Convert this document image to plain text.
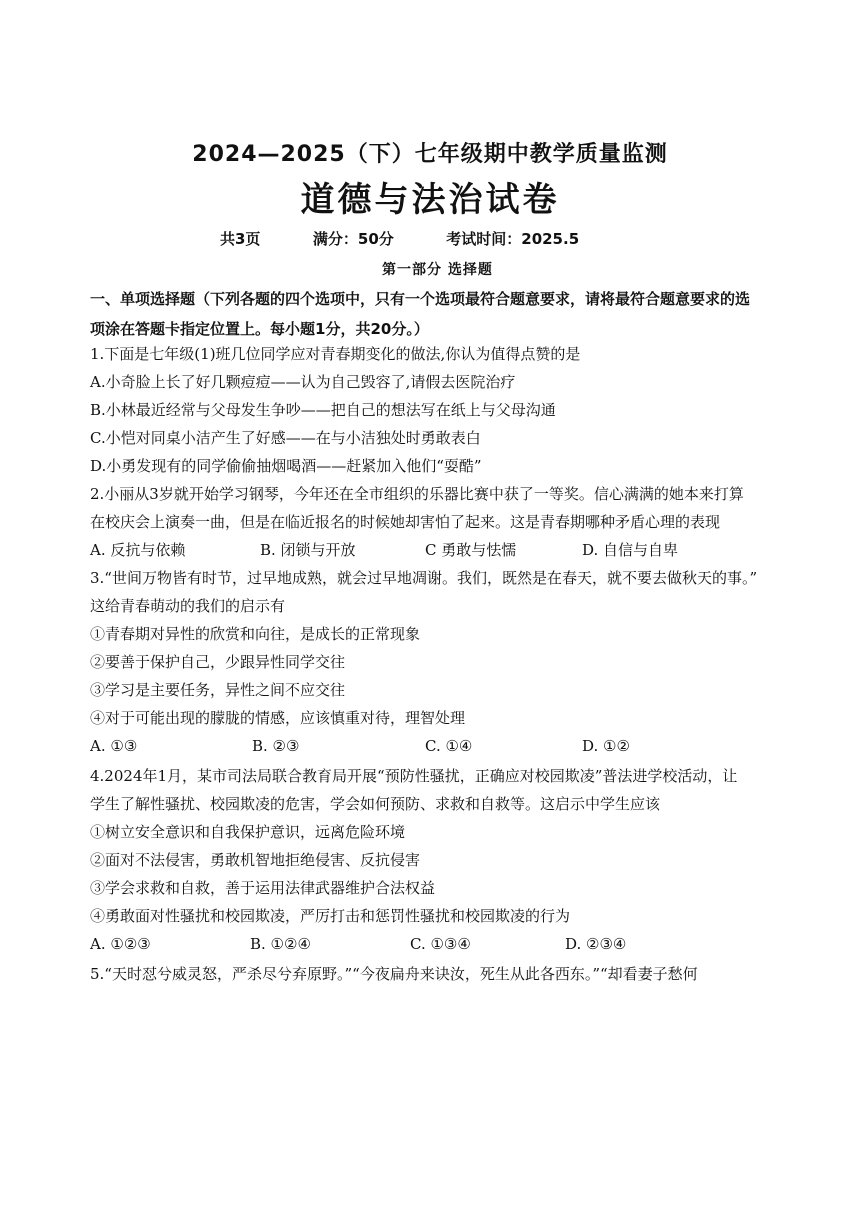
2024—2025（下）七年级期中教学质量监测
道德与法治试卷
共3页	满分：50分	考试时间：2025.5
第一部分 选择题
一、单项选择题（下列各题的四个选项中，只有一个选项最符合题意要求，请将最符合题意要求的选
项涂在答题卡指定位置上。每小题1分，共20分。）
1.下面是七年级(1)班几位同学应对青春期变化的做法,你认为值得点赞的是
A.小奇脸上长了好几颗痘痘——认为自己毁容了,请假去医院治疗
B.小林最近经常与父母发生争吵——把自己的想法写在纸上与父母沟通
C.小恺对同桌小洁产生了好感——在与小洁独处时勇敢表白
D.小勇发现有的同学偷偷抽烟喝酒——赶紧加入他们“耍酷”
2.小丽从3岁就开始学习钢琴，今年还在全市组织的乐器比赛中获了一等奖。信心满满的她本来打算
在校庆会上演奏一曲，但是在临近报名的时候她却害怕了起来。这是青春期哪种矛盾心理的表现
A. 反抗与依赖	B. 闭锁与开放	C 勇敢与怯懦	D. 自信与自卑
3.“世间万物皆有时节，过早地成熟，就会过早地凋谢。我们，既然是在春天，就不要去做秋天的事。”
这给青春萌动的我们的启示有
①青春期对异性的欣赏和向往，是成长的正常现象
②要善于保护自己，少跟异性同学交往
③学习是主要任务，异性之间不应交往
④对于可能出现的朦胧的情感，应该慎重对待，理智处理
A. ①③	B. ②③	C. ①④	D. ①②
4.2024年1月，某市司法局联合教育局开展“预防性骚扰，正确应对校园欺凌”普法进学校活动，让
学生了解性骚扰、校园欺凌的危害，学会如何预防、求救和自救等。这启示中学生应该
①树立安全意识和自我保护意识，远离危险环境
②面对不法侵害，勇敢机智地拒绝侵害、反抗侵害
③学会求救和自救，善于运用法律武器维护合法权益
④勇敢面对性骚扰和校园欺凌，严厉打击和惩罚性骚扰和校园欺凌的行为
A. ①②③	B. ①②④	C. ①③④	D. ②③④
5.“天时怼兮威灵怒，严杀尽兮弃原野。”“今夜扁舟来诀汝，死生从此各西东。”“却看妻子愁何
